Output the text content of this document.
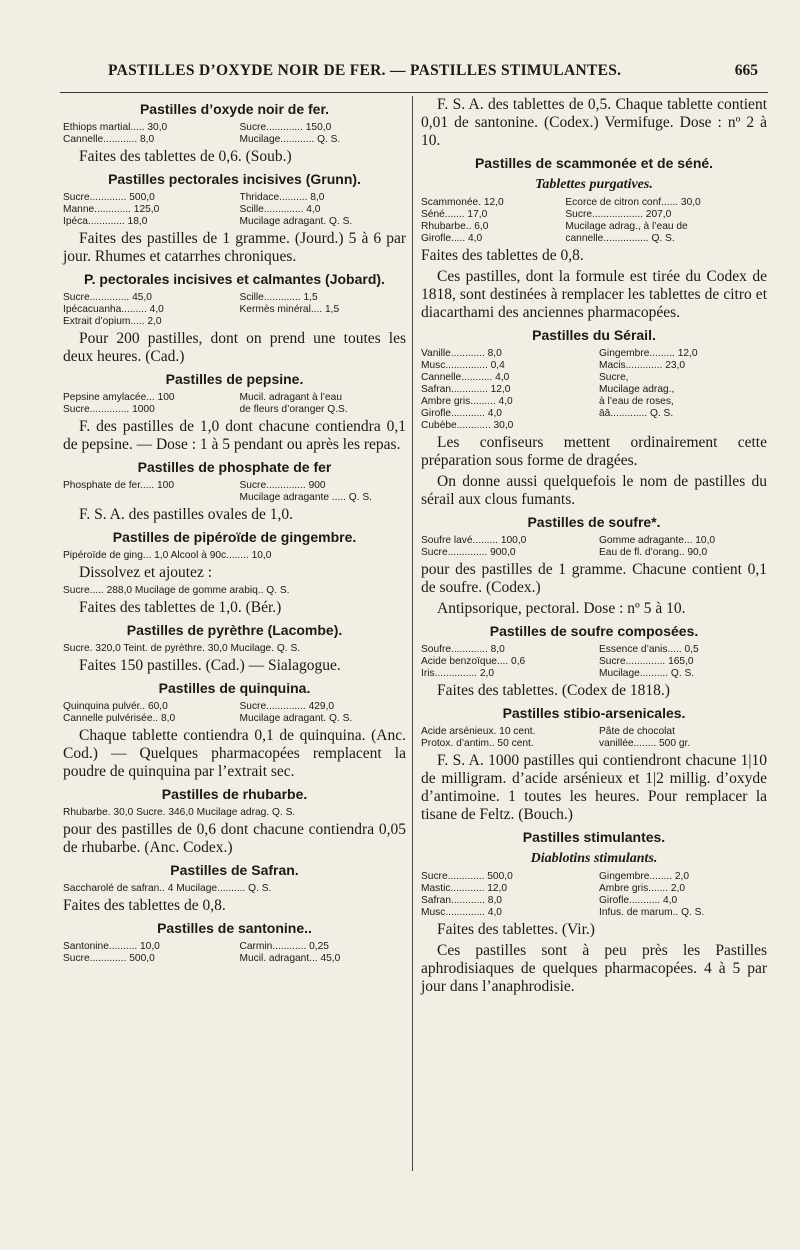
PASTILLES D’OXYDE NOIR DE FER. — PASTILLES STIMULANTES.	665
Pastilles d’oxyde noir de fer.
Éthiops martial..... 30,0	Sucre............. 150,0
Cannelle............ 8,0	Mucilage............ Q. S.

Faites des tablettes de 0,6. (Soub.)

Pastilles pectorales incisives (Grunn).
Sucre............. 500,0	Thridace.......... 8,0
Manne............. 125,0	Scille.............. 4,0
Ipéca............. 18,0	Mucilage adragant. Q. S.

Faites des pastilles de 1 gramme. (Jourd.) 5 à 6 par jour. Rhumes et catarrhes chroniques.

P. pectorales incisives et calmantes (Jobard).
Sucre.............. 45,0	Scille............. 1,5
Ipécacuanha......... 4,0	Kermès minéral.... 1,5
Extrait d’opium..... 2,0

Pour 200 pastilles, dont on prend une toutes les deux heures. (Cad.)

Pastilles de pepsine.
Pepsine amylacée... 100	Mucil. adragant à l’eau
Sucre.............. 1000	de fleurs d’oranger Q.S.

F. des pastilles de 1,0 dont chacune contiendra 0,1 de pepsine. — Dose : 1 à 5 pendant ou après les repas.

Pastilles de phosphate de fer
Phosphate de fer..... 100	Sucre.............. 900
Mucilage adragante ..... Q. S.

F. S. A. des pastilles ovales de 1,0.

Pastilles de pipéroïde de gingembre.
Pipéroïde de ging... 1,0 Alcool à 90c........ 10,0

Dissolvez et ajoutez :

Sucre..... 288,0 Mucilage de gomme arabiq.. Q. S.

Faites des tablettes de 1,0. (Bér.)

Pastilles de pyrèthre (Lacombe).
Sucre. 320,0 Teint. de pyrèthre. 30,0 Mucilage. Q. S.

Faites 150 pastilles. (Cad.) — Sialagogue.

Pastilles de quinquina.
Quinquina pulvér.. 60,0	Sucre.............. 429,0
Cannelle pulvérisée.. 8,0	Mucilage adragant. Q. S.

Chaque tablette contiendra 0,1 de quinquina. (Anc. Cod.) — Quelques pharmacopées remplacent la poudre de quinquina par l’extrait sec.

Pastilles de rhubarbe.
Rhubarbe. 30,0 Sucre. 346,0 Mucilage adrag. Q. S.

pour des pastilles de 0,6 dont chacune contiendra 0,05 de rhubarbe. (Anc. Codex.)

Pastilles de Safran.
Saccharolé de safran.. 4 Mucilage.......... Q. S.

Faites des tablettes de 0,8.

Pastilles de santonine..
Santonine.......... 10,0	Carmin............ 0,25
Sucre............. 500,0	Mucil. adragant... 45,0

F. S. A. des tablettes de 0,5. Chaque tablette contient 0,01 de santonine. (Codex.) Vermifuge. Dose : nº 2 à 10.

Pastilles de scammonée et de séné.
Tablettes purgatives.
Scammonée. 12,0	Ecorce de citron conf...... 30,0
Séné....... 17,0	Sucre.................. 207,0
Rhubarbe.. 6,0	Mucilage adrag., à l’eau de
Girofle..... 4,0	cannelle................ Q. S.

Faites des tablettes de 0,8.

Ces pastilles, dont la formule est tirée du Codex de 1818, sont destinées à remplacer les tablettes de citro et diacarthami des anciennes pharmacopées.

Pastilles du Sérail.
Vanille............ 8,0	Gingembre......... 12,0
Musc............... 0,4	Macis............. 23,0
Cannelle........... 4,0	Sucre,
Safran............. 12,0	Mucilage adrag.,
Ambre gris......... 4,0	à l’eau de roses,
Girofle............ 4,0	āā............. Q. S.
Cubèbe............ 30,0

Les confiseurs mettent ordinairement cette préparation sous forme de dragées.

On donne aussi quelquefois le nom de pastilles du sérail aux clous fumants.

Pastilles de soufre*.
Soufre lavé......... 100,0	Gomme adragante... 10,0
Sucre.............. 900,0	Eau de fl. d’orang.. 90,0

pour des pastilles de 1 gramme. Chacune contient 0,1 de soufre. (Codex.)

Antipsorique, pectoral. Dose : nº 5 à 10.

Pastilles de soufre composées.
Soufre............. 8,0	Essence d’anis..... 0,5
Acide benzoïque.... 0,6	Sucre.............. 165,0
Iris............... 2,0	Mucilage.......... Q. S.

Faites des tablettes. (Codex de 1818.)

Pastilles stibio-arsenicales.
Acide arsénieux. 10 cent.	Pâte de chocolat
Protox. d’antim.. 50 cent.	vanillée........ 500 gr.

F. S. A. 1000 pastilles qui contiendront chacune 1|10 de milligram. d’acide arsénieux et 1|2 millig. d’oxyde d’antimoine. 1 toutes les heures. Pour remplacer la tisane de Feltz. (Bouch.)

Pastilles stimulantes.
Diablotins stimulants.
Sucre............. 500,0	Gingembre........ 2,0
Mastic............ 12,0	Ambre gris....... 2,0
Safran............ 8,0	Girofle........... 4,0
Musc.............. 4,0	Infus. de marum.. Q. S.

Faites des tablettes. (Vir.)

Ces pastilles sont à peu près les Pastilles aphrodisiaques de quelques pharmacopées. 4 à 5 par jour dans l’anaphrodisie.
